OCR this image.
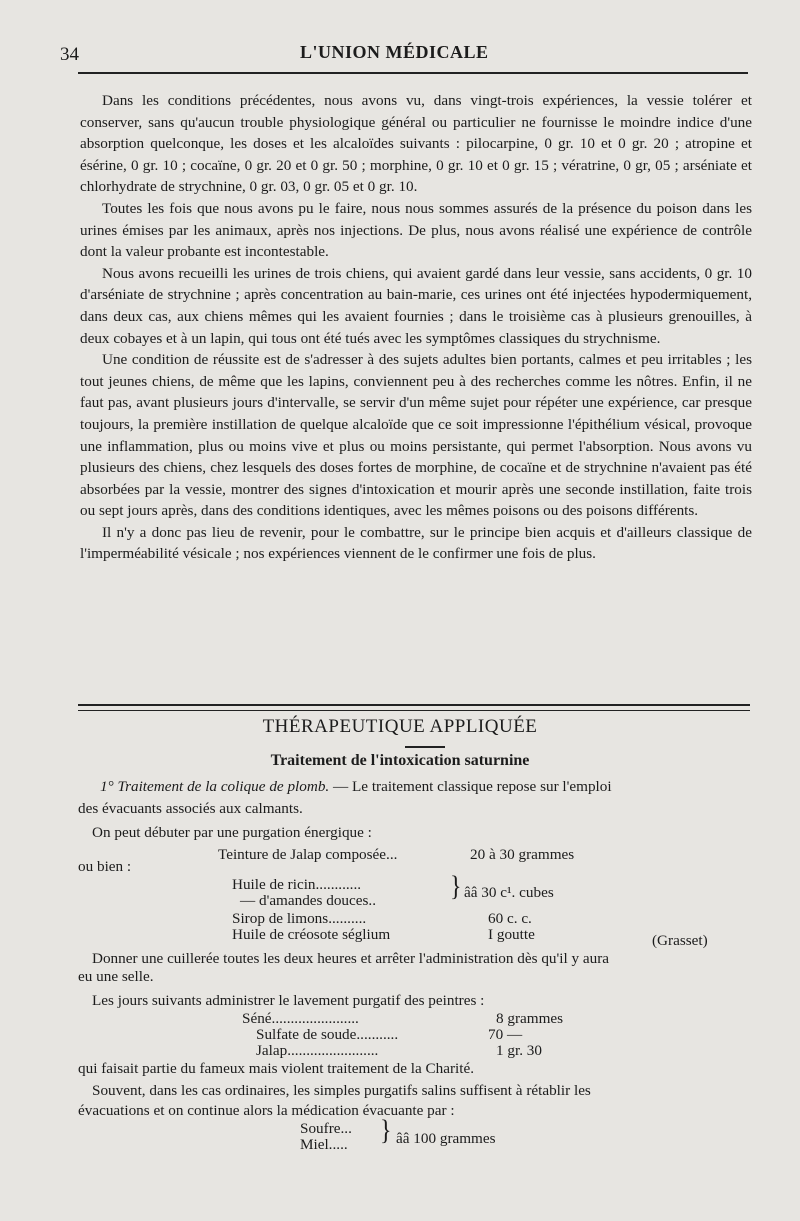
34	L'UNION MÉDICALE

Dans les conditions précédentes, nous avons vu, dans vingt-trois expériences, la vessie tolérer et conserver, sans qu'aucun trouble physiologique général ou particulier ne fournisse le moindre indice d'une absorption quelconque, les doses et les alcaloïdes suivants : pilocarpine, 0 gr. 10 et 0 gr. 20 ; atropine et ésérine, 0 gr. 10 ; cocaïne, 0 gr. 20 et 0 gr. 50 ; morphine, 0 gr. 10 et 0 gr. 15 ; vératrine, 0 gr, 05 ; arséniate et chlorhydrate de strychnine, 0 gr. 03, 0 gr. 05 et 0 gr. 10.

Toutes les fois que nous avons pu le faire, nous nous sommes assurés de la présence du poison dans les urines émises par les animaux, après nos injections. De plus, nous avons réalisé une expérience de contrôle dont la valeur probante est incontestable.

Nous avons recueilli les urines de trois chiens, qui avaient gardé dans leur vessie, sans accidents, 0 gr. 10 d'arséniate de strychnine ; après concentration au bain-marie, ces urines ont été injectées hypodermiquement, dans deux cas, aux chiens mêmes qui les avaient fournies ; dans le troisième cas à plusieurs grenouilles, à deux cobayes et à un lapin, qui tous ont été tués avec les symptômes classiques du strychnisme.

Une condition de réussite est de s'adresser à des sujets adultes bien portants, calmes et peu irritables ; les tout jeunes chiens, de même que les lapins, conviennent peu à des recherches comme les nôtres. Enfin, il ne faut pas, avant plusieurs jours d'intervalle, se servir d'un même sujet pour répéter une expérience, car presque toujours, la première instillation de quelque alcaloïde que ce soit impressionne l'épithélium vésical, provoque une inflammation, plus ou moins vive et plus ou moins persistante, qui permet l'absorption. Nous avons vu plusieurs des chiens, chez lesquels des doses fortes de morphine, de cocaïne et de strychnine n'avaient pas été absorbées par la vessie, montrer des signes d'intoxication et mourir après une seconde instillation, faite trois ou sept jours après, dans des conditions identiques, avec les mêmes poisons ou des poisons différents.

Il n'y a donc pas lieu de revenir, pour le combattre, sur le principe bien acquis et d'ailleurs classique de l'imperméabilité vésicale ; nos expériences viennent de le confirmer une fois de plus.

THÉRAPEUTIQUE APPLIQUÉE
Traitement de l'intoxication saturnine
1° Traitement de la colique de plomb. — Le traitement classique repose sur l'emploi
des évacuants associés aux calmants.
On peut débuter par une purgation énergique :
Teinture de Jalap composée...	20 à 30 grammes
ou bien :
Huile de ricin............
— d'amandes douces..	} ââ 30 c¹. cubes
Sirop de limons..........	60 c. c.
Huile de créosote séglium	I goutte	(Grasset)
Donner une cuillerée toutes les deux heures et arrêter l'administration dès qu'il y aura
eu une selle.
Les jours suivants administrer le lavement purgatif des peintres :
Séné.......................	8 grammes
Sulfate de soude...........	70 —
Jalap........................	1 gr. 30
qui faisait partie du fameux mais violent traitement de la Charité.
Souvent, dans les cas ordinaires, les simples purgatifs salins suffisent à rétablir les
évacuations et on continue alors la médication évacuante par :
Soufre...
Miel..... } ââ 100 grammes
